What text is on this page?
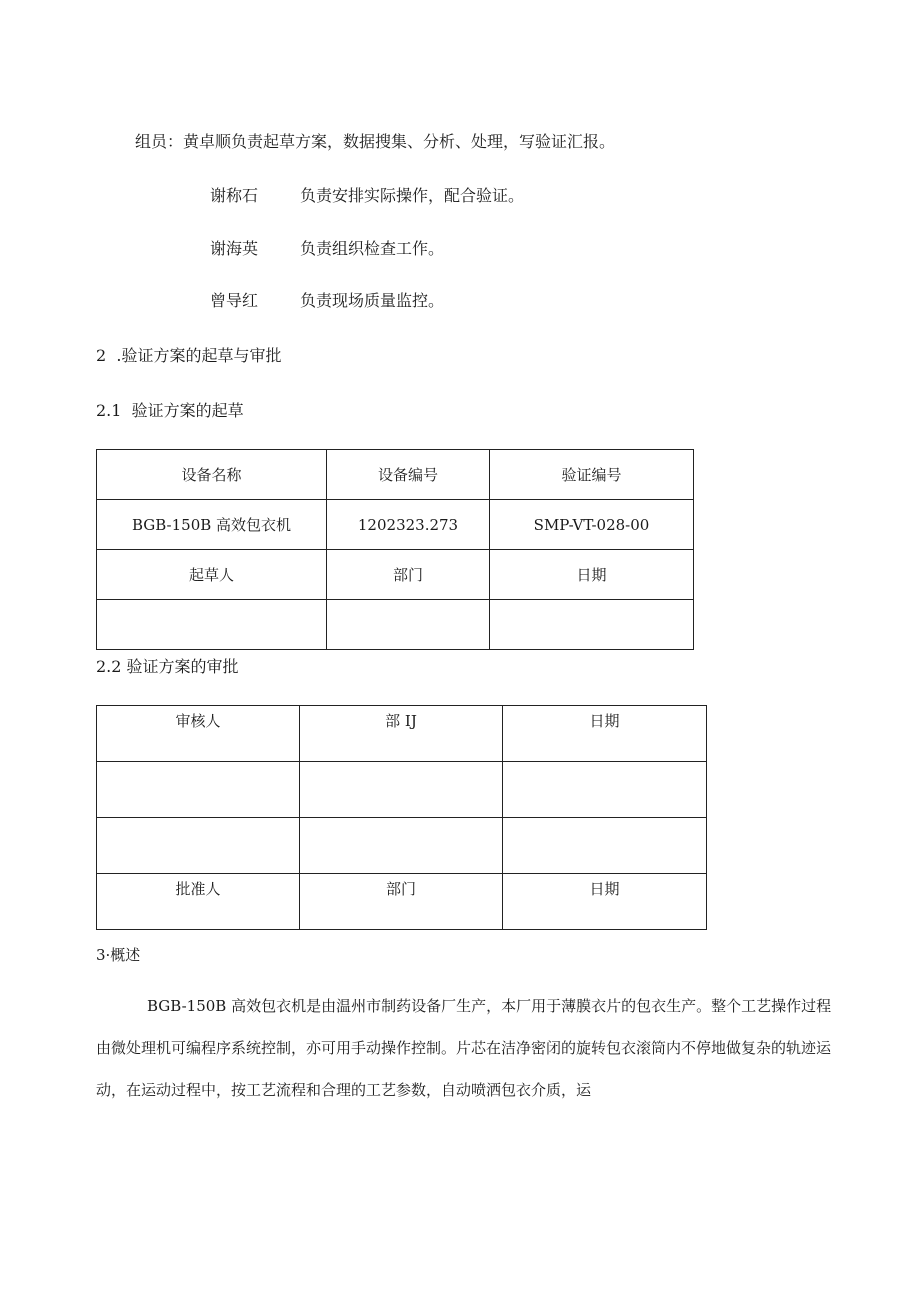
组员：黄卓顺负责起草方案，数据搜集、分析、处理，写验证汇报。
谢称石	负责安排实际操作，配合验证。
谢海英	负责组织检查工作。
曾导红	负责现场质量监控。
2  .验证方案的起草与审批
2.1  验证方案的起草
设备名称	设备编号	验证编号
BGB-150B 高效包衣机	1202323.273	SMP-VT-028-00
起草人	部门	日期

2.2 验证方案的审批
审核人	部 IJ	日期

批准人	部门	日期
3·概述
BGB-150B 高效包衣机是由温州市制药设备厂生产，本厂用于薄膜衣片的包衣生产。整个工艺操作过程由微处理机可编程序系统控制，亦可用手动操作控制。片芯在洁净密闭的旋转包衣滚筒内不停地做复杂的轨迹运动，在运动过程中，按工艺流程和合理的工艺参数，自动喷洒包衣介质，运
